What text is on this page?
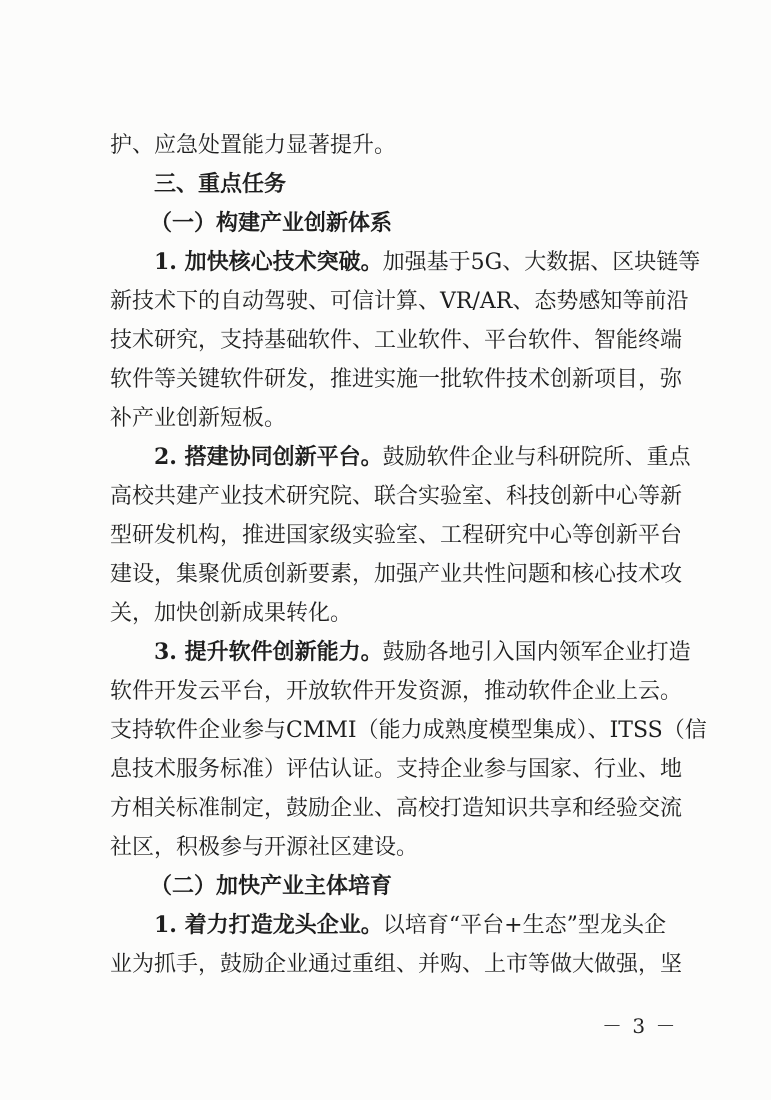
护、应急处置能力显著提升。
三、重点任务
（一）构建产业创新体系
1. 加快核心技术突破。加强基于5G、大数据、区块链等
新技术下的自动驾驶、可信计算、VR/AR、态势感知等前沿
技术研究，支持基础软件、工业软件、平台软件、智能终端
软件等关键软件研发，推进实施一批软件技术创新项目，弥
补产业创新短板。
2. 搭建协同创新平台。鼓励软件企业与科研院所、重点
高校共建产业技术研究院、联合实验室、科技创新中心等新
型研发机构，推进国家级实验室、工程研究中心等创新平台
建设，集聚优质创新要素，加强产业共性问题和核心技术攻
关，加快创新成果转化。
3. 提升软件创新能力。鼓励各地引入国内领军企业打造
软件开发云平台，开放软件开发资源，推动软件企业上云。
支持软件企业参与CMMI（能力成熟度模型集成）、ITSS（信
息技术服务标准）评估认证。支持企业参与国家、行业、地
方相关标准制定，鼓励企业、高校打造知识共享和经验交流
社区，积极参与开源社区建设。
（二）加快产业主体培育
1. 着力打造龙头企业。以培育“平台+生态”型龙头企
业为抓手，鼓励企业通过重组、并购、上市等做大做强，坚
－ 3 －
